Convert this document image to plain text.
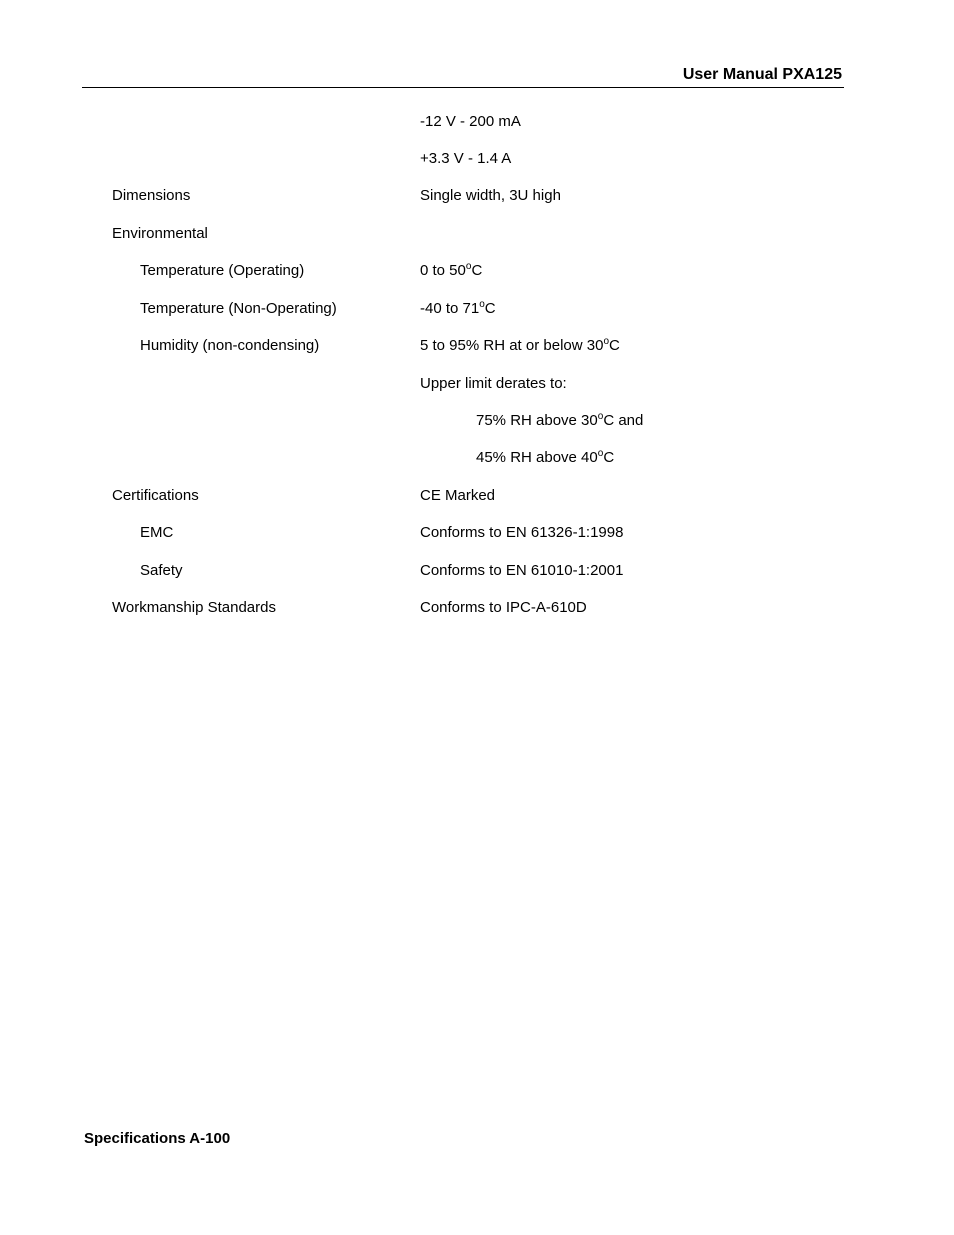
User Manual PXA125
-12 V - 200 mA
+3.3 V - 1.4 A
Dimensions	Single width, 3U high
Environmental
Temperature (Operating)	0 to 50$^o$C
Temperature (Non-Operating)	-40 to 71$^o$C
Humidity (non-condensing)	5 to 95% RH at or below 30$^o$C
Upper limit derates to:
75% RH above 30$^o$C and
45% RH above 40$^o$C
Certifications	CE Marked
EMC	Conforms to EN 61326-1:1998
Safety	Conforms to EN 61010-1:2001
Workmanship Standards	Conforms to IPC-A-610D
Specifications A-100
